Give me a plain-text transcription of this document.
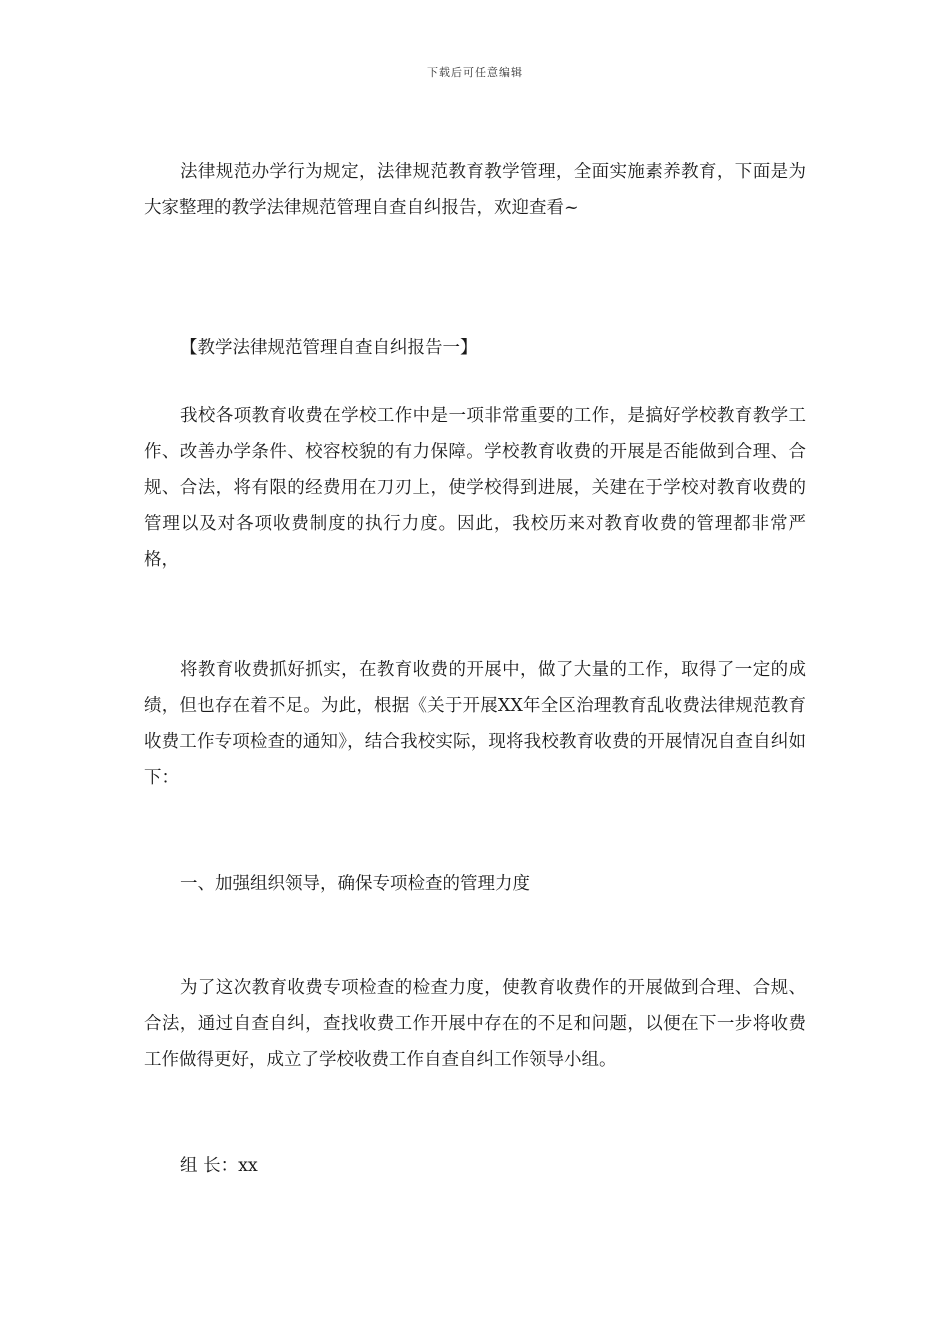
下载后可任意编辑

法律规范办学行为规定，法律规范教育教学管理，全面实施素养教育，下面是为大家整理的教学法律规范管理自查自纠报告，欢迎查看~

【教学法律规范管理自查自纠报告一】

我校各项教育收费在学校工作中是一项非常重要的工作，是搞好学校教育教学工作、改善办学条件、校容校貌的有力保障。学校教育收费的开展是否能做到合理、合规、合法，将有限的经费用在刀刃上，使学校得到进展，关建在于学校对教育收费的管理以及对各项收费制度的执行力度。因此，我校历来对教育收费的管理都非常严格，

将教育收费抓好抓实，在教育收费的开展中，做了大量的工作，取得了一定的成绩，但也存在着不足。为此，根据《关于开展XX年全区治理教育乱收费法律规范教育收费工作专项检查的通知》，结合我校实际，现将我校教育收费的开展情况自查自纠如下：

一、加强组织领导，确保专项检查的管理力度

为了这次教育收费专项检查的检查力度，使教育收费作的开展做到合理、合规、合法，通过自查自纠，查找收费工作开展中存在的不足和问题，以便在下一步将收费工作做得更好，成立了学校收费工作自查自纠工作领导小组。

组 长：xx
